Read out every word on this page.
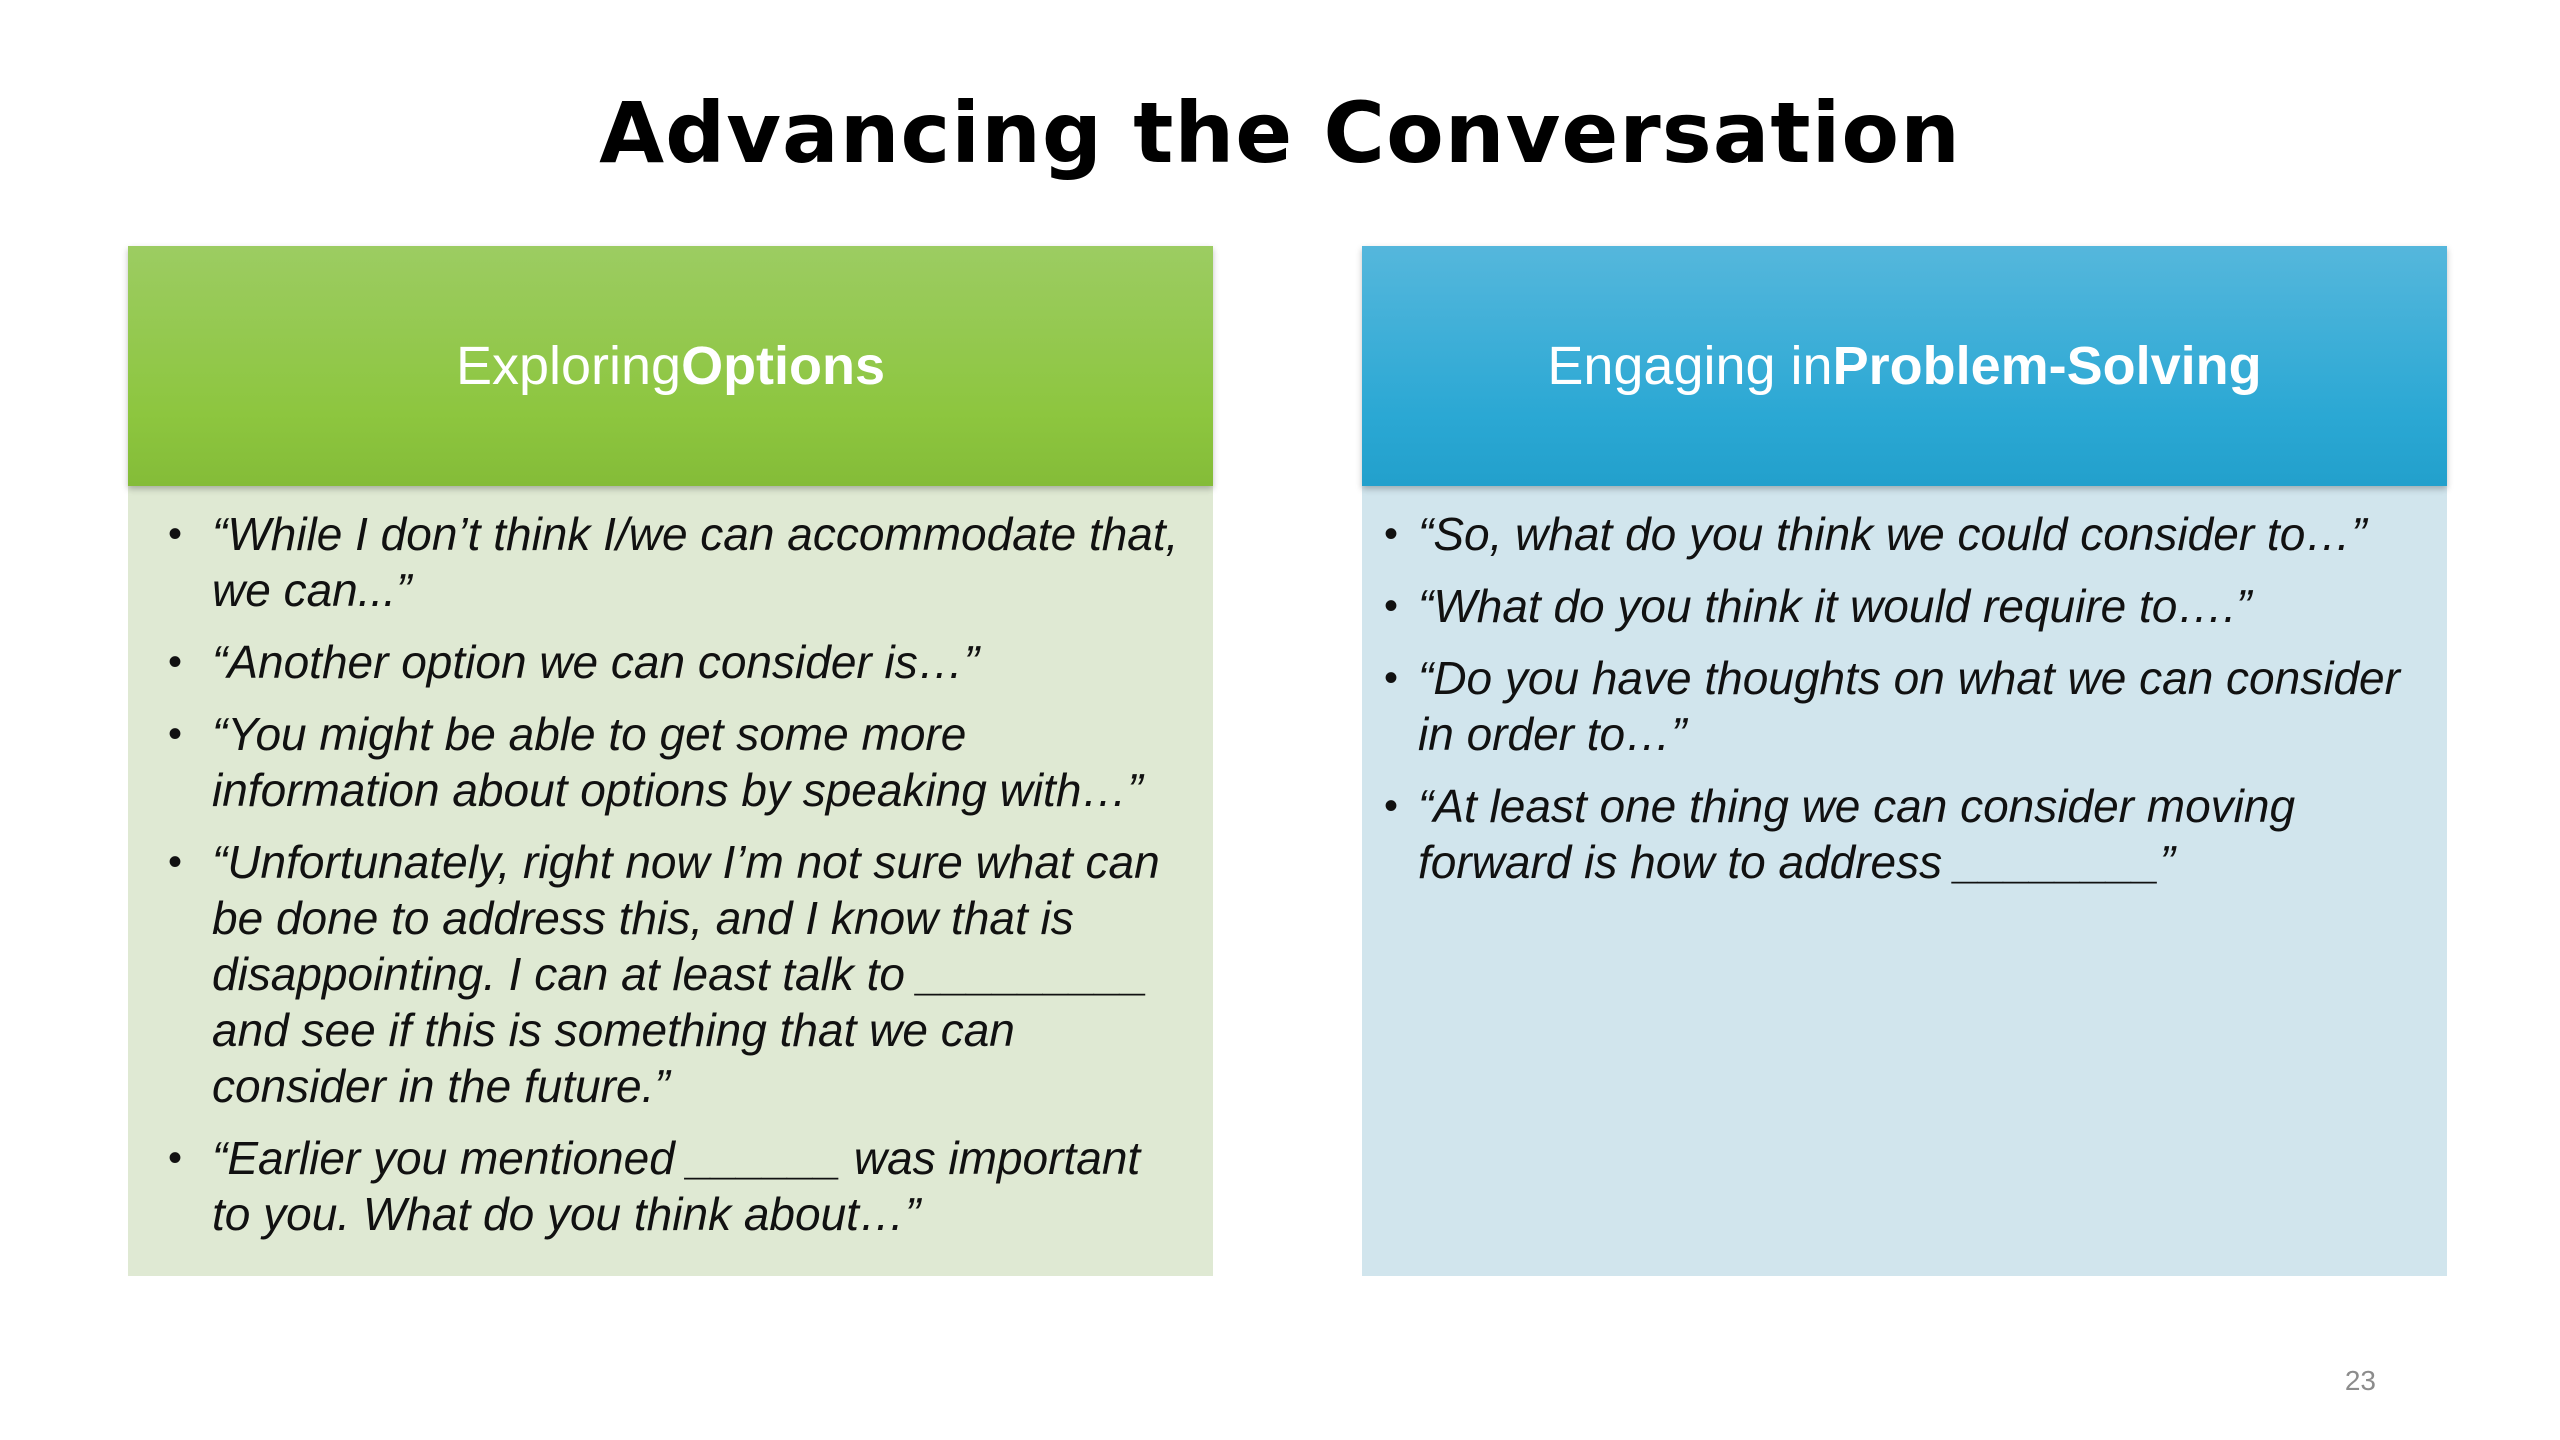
Advancing the Conversation
Exploring Options
• “While I don’t think I/we can accommodate that, we can...”
• “Another option we can consider is…”
• “You might be able to get some more information about options by speaking with…”
• “Unfortunately, right now I’m not sure what can be done to address this, and I know that is disappointing. I can at least talk to _________ and see if this is something that we can consider in the future.”
• “Earlier you mentioned ______ was important to you. What do you think about…”
Engaging in Problem-Solving
• “So, what do you think we could consider to…”
• “What do you think it would require to….”
• “Do you have thoughts on what we can consider in order to…”
• “At least one thing we can consider moving forward is how to address ________”
23
